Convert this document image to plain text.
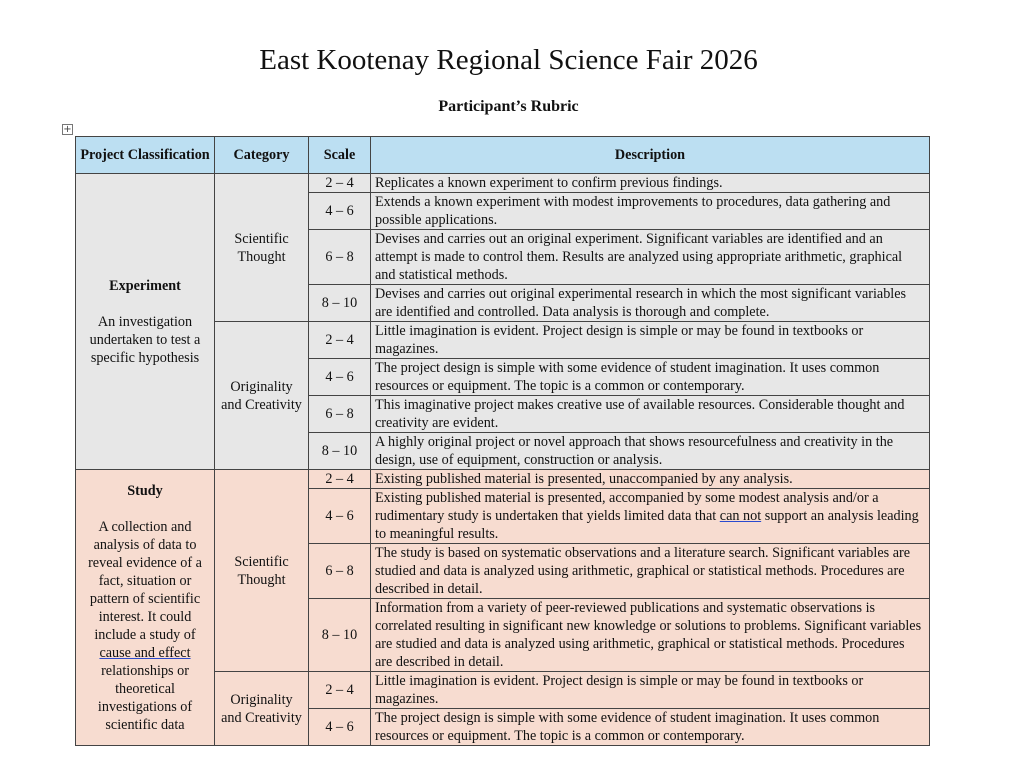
East Kootenay Regional Science Fair 2026
Participant’s Rubric
+
Project Classification	Category	Scale	Description

Experiment
An investigation undertaken to test a specific hypothesis	Scientific Thought	2 – 4	Replicates a known experiment to confirm previous findings.
		4 – 6	Extends a known experiment with modest improvements to procedures, data gathering and possible applications.
		6 – 8	Devises and carries out an original experiment. Significant variables are identified and an attempt is made to control them. Results are analyzed using appropriate arithmetic, graphical and statistical methods.
		8 – 10	Devises and carries out original experimental research in which the most significant variables are identified and controlled. Data analysis is thorough and complete.
	Originality and Creativity	2 – 4	Little imagination is evident. Project design is simple or may be found in textbooks or magazines.
		4 – 6	The project design is simple with some evidence of student imagination. It uses common resources or equipment. The topic is a common or contemporary.
		6 – 8	This imaginative project makes creative use of available resources. Considerable thought and creativity are evident.
		8 – 10	A highly original project or novel approach that shows resourcefulness and creativity in the design, use of equipment, construction or analysis.

Study
A collection and analysis of data to reveal evidence of a fact, situation or pattern of scientific interest. It could include a study of cause and effect relationships or theoretical investigations of scientific data	Scientific Thought	2 – 4	Existing published material is presented, unaccompanied by any analysis.
		4 – 6	Existing published material is presented, accompanied by some modest analysis and/or a rudimentary study is undertaken that yields limited data that can not support an analysis leading to meaningful results.
		6 – 8	The study is based on systematic observations and a literature search. Significant variables are studied and data is analyzed using arithmetic, graphical or statistical methods. Procedures are described in detail.
		8 – 10	Information from a variety of peer-reviewed publications and systematic observations is correlated resulting in significant new knowledge or solutions to problems. Significant variables are studied and data is analyzed using arithmetic, graphical or statistical methods. Procedures are described in detail.
	Originality and Creativity	2 – 4	Little imagination is evident. Project design is simple or may be found in textbooks or magazines.
		4 – 6	The project design is simple with some evidence of student imagination. It uses common resources or equipment. The topic is a common or contemporary.
